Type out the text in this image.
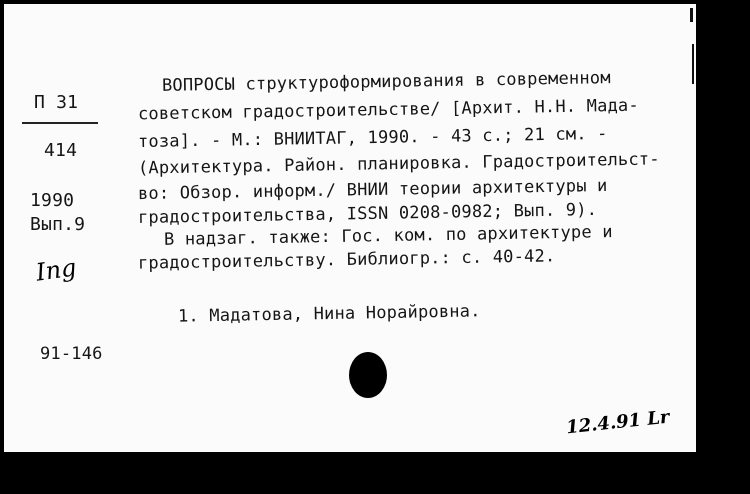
П 31
414
1990
Вып.9
Ing
91-146
ВОПРОСЫ структуроформирования в современном
советском градостроительстве/ [Архит. Н.Н. Мада-
тоза]. - М.: ВНИИТАГ, 1990. - 43 с.; 21 см. -
(Архитектура. Район. планировка. Градостроительст-
во: Обзор. информ./ ВНИИ теории архитектуры и
градостроительства, ISSN 0208-0982; Вып. 9).
В надзаг. также: Гос. ком. по архитектуре и
градостроительству. Библиогр.: с. 40-42.
1. Мадатова, Нина Норайровна.
12.4.91 Lr
